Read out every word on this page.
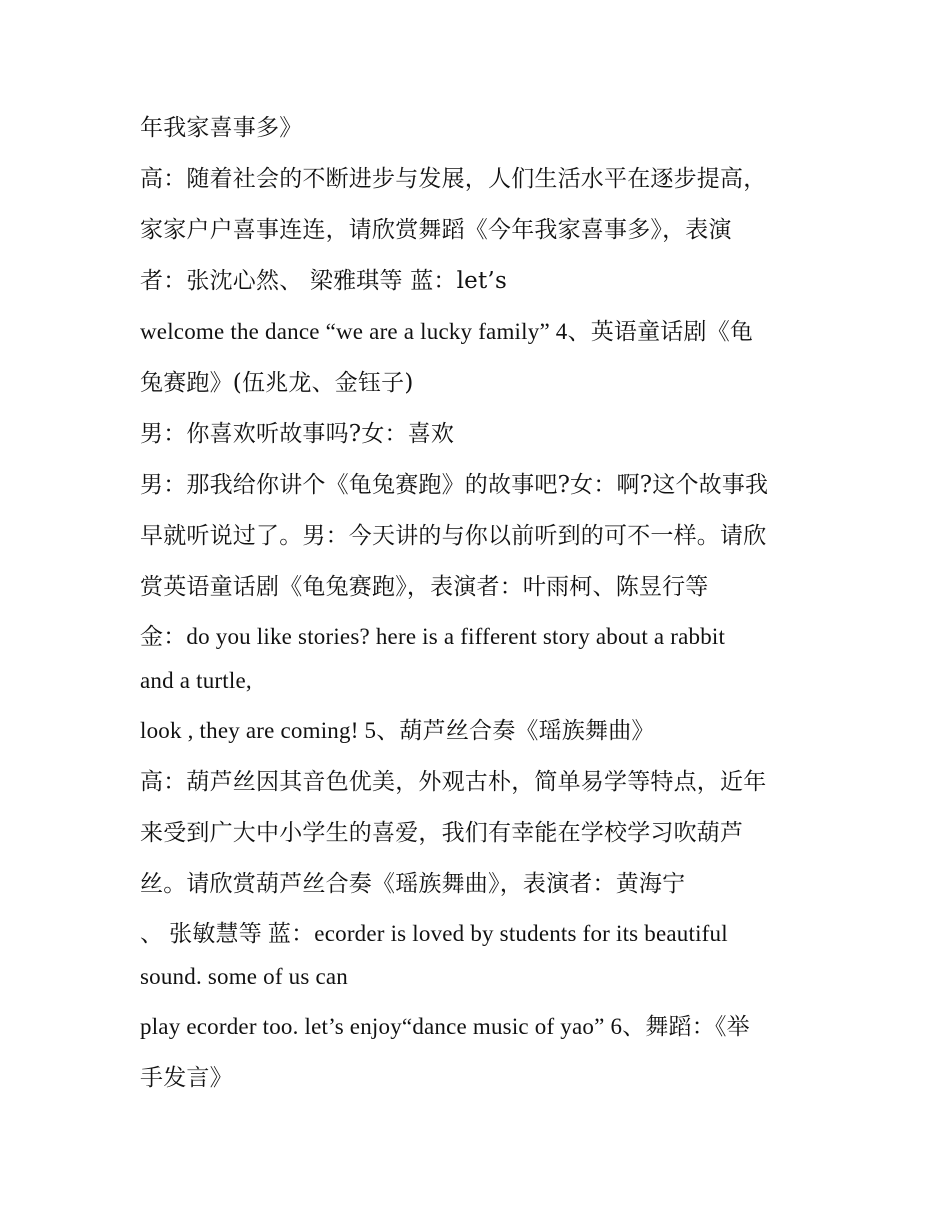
年我家喜事多》
高：随着社会的不断进步与发展，人们生活水平在逐步提高，
家家户户喜事连连，请欣赏舞蹈《今年我家喜事多》，表演
者：张沈心然、 梁雅琪等 蓝：let’s
welcome the dance “we are a lucky family” 4、英语童话剧《龟
兔赛跑》(伍兆龙、金钰子)
男：你喜欢听故事吗?女：喜欢
男：那我给你讲个《龟兔赛跑》的故事吧?女：啊?这个故事我
早就听说过了。男：今天讲的与你以前听到的可不一样。请欣
赏英语童话剧《龟兔赛跑》，表演者：叶雨柯、陈昱行等
金：do you like stories? here is a fifferent story about a rabbit
and a turtle,
look , they are coming! 5、葫芦丝合奏《瑶族舞曲》
高：葫芦丝因其音色优美，外观古朴，简单易学等特点，近年
来受到广大中小学生的喜爱，我们有幸能在学校学习吹葫芦
丝。请欣赏葫芦丝合奏《瑶族舞曲》，表演者：黄海宁
、 张敏慧等 蓝：ecorder is loved by students for its beautiful
sound. some of us can
play ecorder too. let’s enjoy“dance music of yao” 6、舞蹈：《举
手发言》
